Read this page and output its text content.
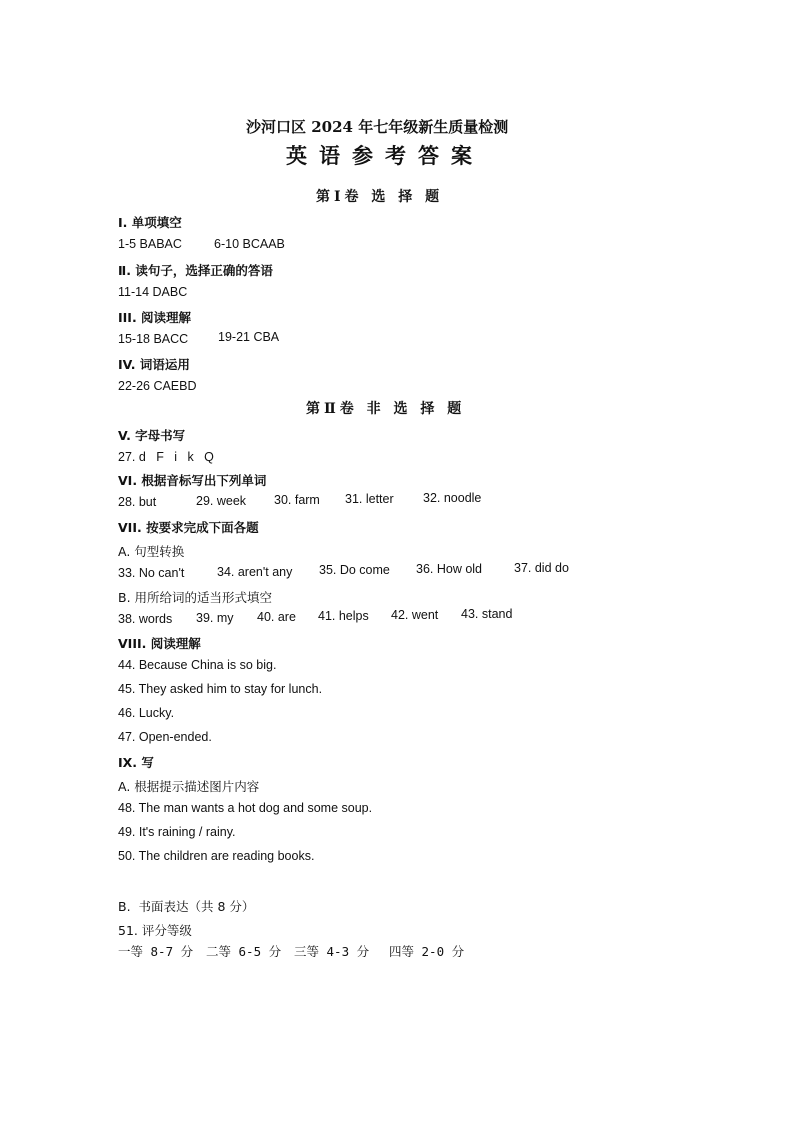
沙河口区 2024 年七年级新生质量检测
英语参考答案
第Ⅰ卷 选 择 题
Ⅰ. 单项填空
1-5 BABAC	6-10 BCAAB
Ⅱ. 读句子，选择正确的答语
11-14 DABC
III. 阅读理解
15-18 BACC 19-21 CBA
IV. 词语运用
22-26 CAEBD
第Ⅱ卷 非 选 择 题
V. 字母书写
27. d   F   i   k   Q
VI. 根据音标写出下列单词
28. but	29. week 30. farm 31. letter 32. noodle
VII. 按要求完成下面各题
A. 句型转换
33. No can't	34. aren't any 35. Do come 36. How old	37. did do
B. 用所给词的适当形式填空
38. words 39. my 40. are 41. helps 42. went 43. stand
VIII. 阅读理解
44. Because China is so big.
45. They asked him to stay for lunch.
46. Lucky.
47. Open-ended.
IX. 写
A. 根据提示描述图片内容
48. The man wants a hot dog and some soup.
49. It's raining / rainy.
50. The children are reading books.
B.  书面表达（共 8 分）
51. 评分等级
一等 8-7 分 二等 6-5 分 三等 4-3 分 四等 2-0 分
